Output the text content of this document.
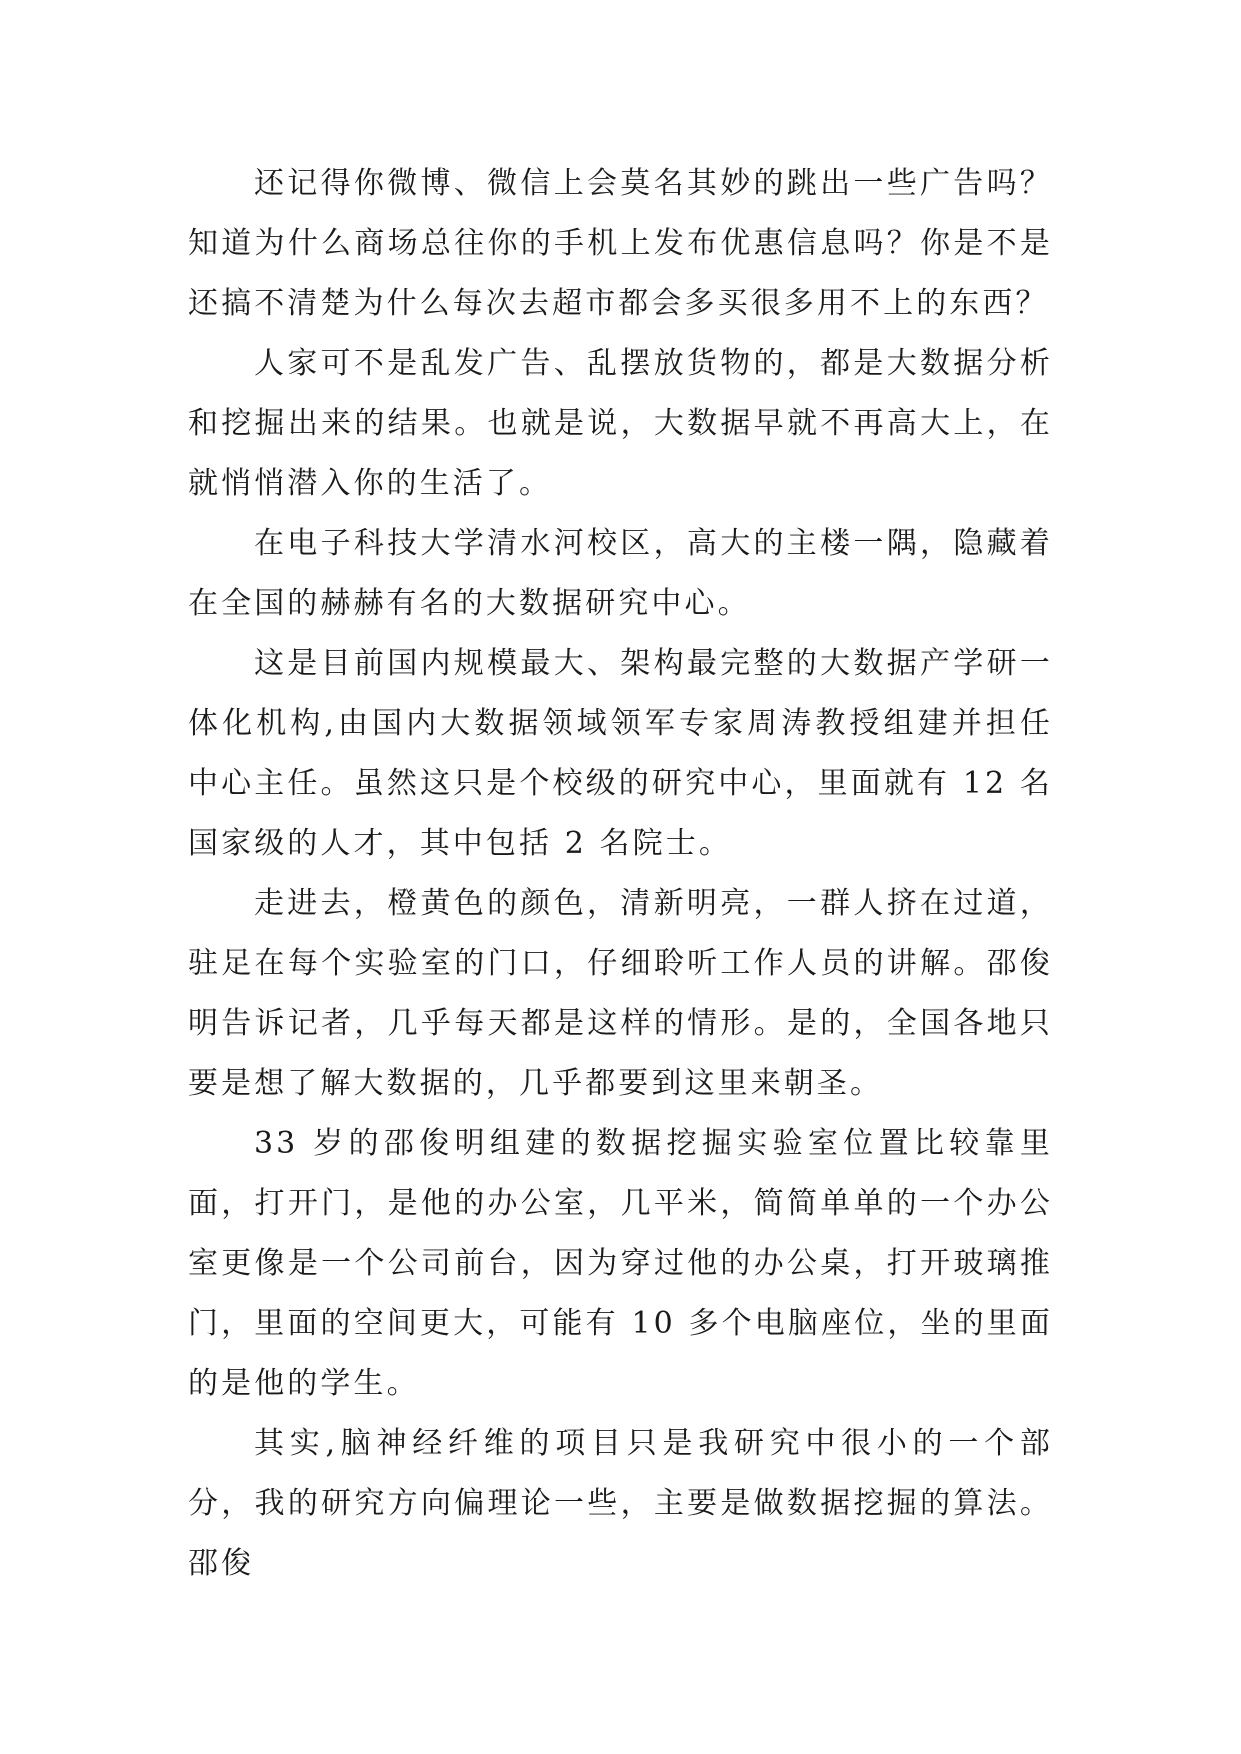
还记得你微博、微信上会莫名其妙的跳出一些广告吗？知道为什么商场总往你的手机上发布优惠信息吗？你是不是还搞不清楚为什么每次去超市都会多买很多用不上的东西？

人家可不是乱发广告、乱摆放货物的，都是大数据分析和挖掘出来的结果。也就是说，大数据早就不再高大上，在就悄悄潜入你的生活了。

在电子科技大学清水河校区，高大的主楼一隅，隐藏着在全国的赫赫有名的大数据研究中心。

这是目前国内规模最大、架构最完整的大数据产学研一体化机构,由国内大数据领域领军专家周涛教授组建并担任中心主任。虽然这只是个校级的研究中心，里面就有 12 名国家级的人才，其中包括 2 名院士。

走进去，橙黄色的颜色，清新明亮，一群人挤在过道，驻足在每个实验室的门口，仔细聆听工作人员的讲解。邵俊明告诉记者，几乎每天都是这样的情形。是的，全国各地只要是想了解大数据的，几乎都要到这里来朝圣。

33 岁的邵俊明组建的数据挖掘实验室位置比较靠里面，打开门，是他的办公室，几平米，简简单单的一个办公室更像是一个公司前台，因为穿过他的办公桌，打开玻璃推门，里面的空间更大，可能有 10 多个电脑座位，坐的里面的是他的学生。

其实,脑神经纤维的项目只是我研究中很小的一个部分，我的研究方向偏理论一些，主要是做数据挖掘的算法。邵俊
